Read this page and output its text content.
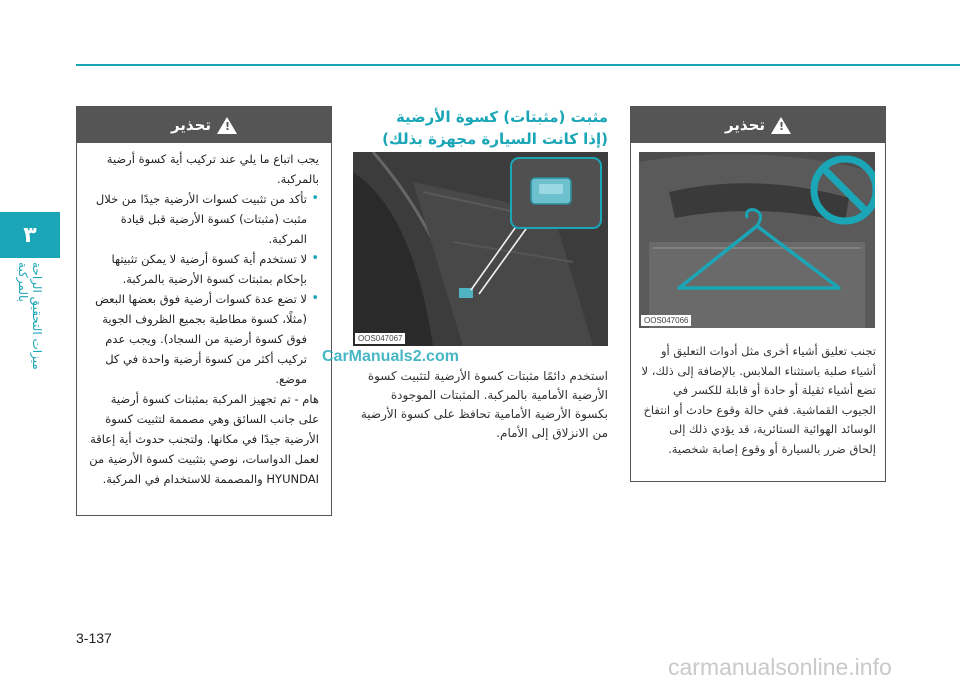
٣
ميزات التحقيق الراحة بالمركبة
!
تحذير

يجب اتباع ما يلي عند تركيب أية كسوة أرضية بالمركبة.

• تأكد من تثبيت كسوات الأرضية جيدًا من خلال مثبت (مثبتات) كسوة الأرضية قبل قيادة المركبة.

• لا تستخدم أية كسوة أرضية لا يمكن تثبيتها بإحكام بمثبتات كسوة الأرضية بالمركبة.

• لا تضع عدة كسوات أرضية فوق بعضها البعض (مثلًا، كسوة مطاطية بجميع الظروف الجوية فوق كسوة أرضية من السجاد). ويجب عدم تركيب أكثر من كسوة أرضية واحدة في كل موضع.

هام - تم تجهيز المركبة بمثبتات كسوة أرضية على جانب السائق وهي مصممة لتثبيت كسوة الأرضية جيدًا في مكانها. ولتجنب حدوث أية إعاقة لعمل الدواسات، نوصي بتثبيت كسوة الأرضية من HYUNDAI والمصممة للاستخدام في المركبة.

مثبت (مثبتات) كسوة الأرضية
(إذا كانت السيارة مجهزة بذلك)
OOS047067
استخدم دائمًا مثبتات كسوة الأرضية لتثبيت كسوة الأرضية الأمامية بالمركبة. المثبتات الموجودة بكسوة الأرضية الأمامية تحافظ على كسوة الأرضية من الانزلاق إلى الأمام.
!
تحذير
OOS047066
تجنب تعليق أشياء أخرى مثل أدوات التعليق أو أشياء صلبة باستثناء الملابس. بالإضافة إلى ذلك، لا تضع أشياء ثقيلة أو حادة أو قابلة للكسر في الجيوب القماشية. ففي حالة وقوع حادث أو انتفاخ الوسائد الهوائية الستائرية، قد يؤدي ذلك إلى إلحاق ضرر بالسيارة أو وقوع إصابة شخصية.
CarManuals2.com
3-137
carmanualsonline.info
